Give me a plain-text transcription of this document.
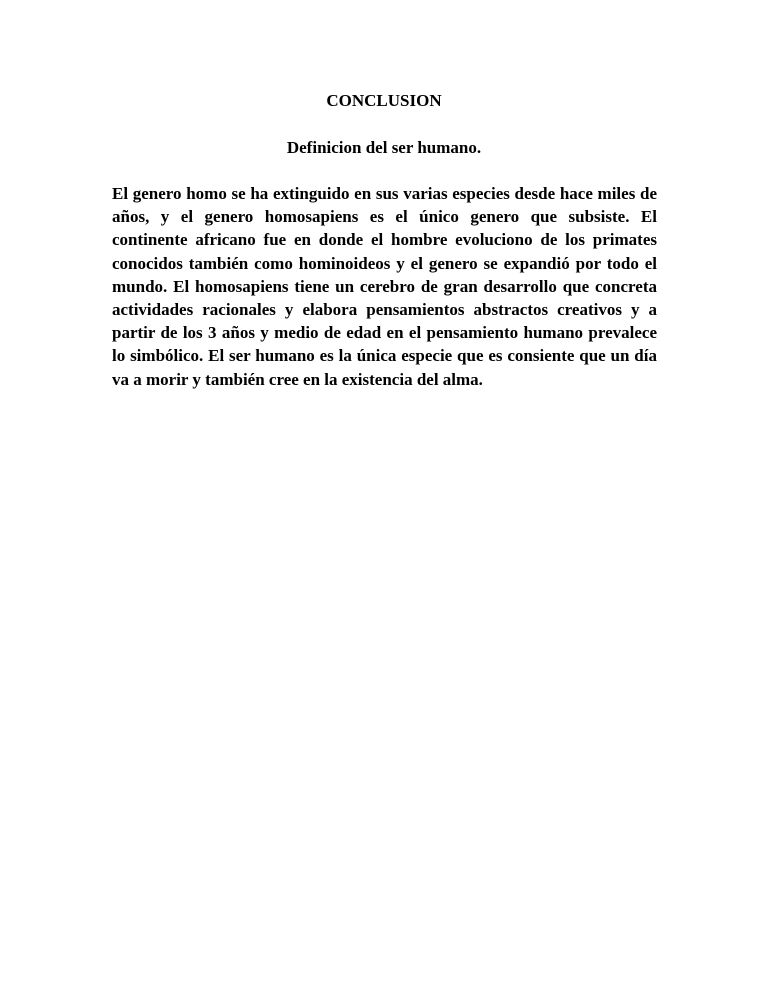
CONCLUSION
Definicion del ser humano.

El genero homo se ha extinguido en sus varias especies desde hace miles de años, y el genero homosapiens es el único genero que subsiste. El continente africano fue en donde el hombre evoluciono de los primates conocidos también como hominoideos y el genero se expandió por todo el mundo. El homosapiens tiene un cerebro de gran desarrollo que concreta actividades racionales y elabora pensamientos abstractos creativos y a partir de los 3 años y medio de edad en el pensamiento humano prevalece lo simbólico. El ser humano es la única especie que es consiente que un día va a morir y también cree en la existencia del alma.
